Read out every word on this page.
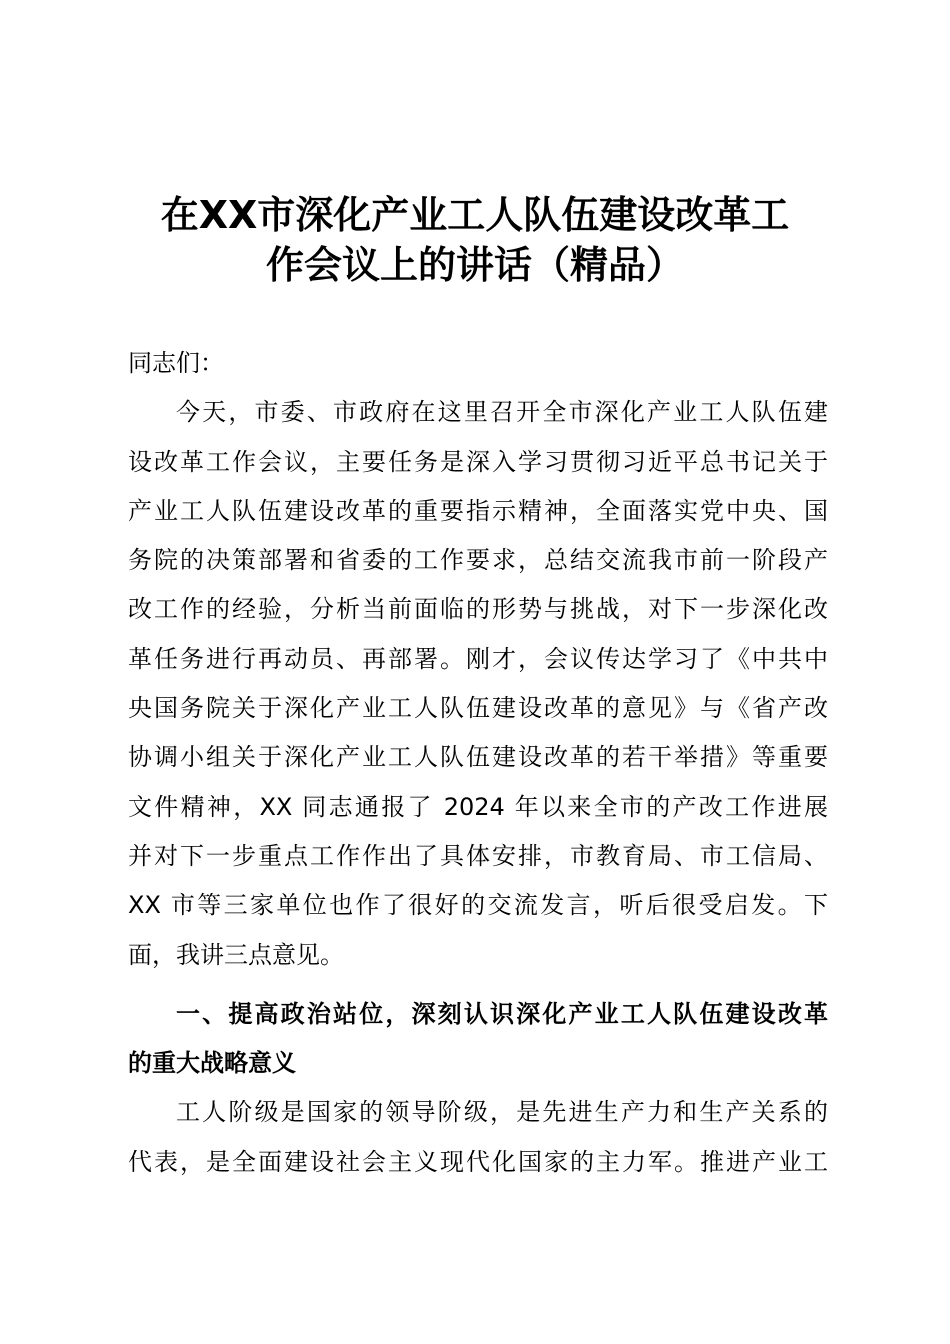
在XX市深化产业工人队伍建设改革工
作会议上的讲话（精品）
同志们：
今天，市委、市政府在这里召开全市深化产业工人队伍建
设改革工作会议，主要任务是深入学习贯彻习近平总书记关于
产业工人队伍建设改革的重要指示精神，全面落实党中央、国
务院的决策部署和省委的工作要求，总结交流我市前一阶段产
改工作的经验，分析当前面临的形势与挑战，对下一步深化改
革任务进行再动员、再部署。刚才，会议传达学习了《中共中
央国务院关于深化产业工人队伍建设改革的意见》与《省产改
协调小组关于深化产业工人队伍建设改革的若干举措》等重要
文件精神，XX 同志通报了 2024 年以来全市的产改工作进展
并对下一步重点工作作出了具体安排，市教育局、市工信局、
XX 市等三家单位也作了很好的交流发言，听后很受启发。下
面，我讲三点意见。
一、提高政治站位，深刻认识深化产业工人队伍建设改革
的重大战略意义
工人阶级是国家的领导阶级，是先进生产力和生产关系的
代表，是全面建设社会主义现代化国家的主力军。推进产业工
